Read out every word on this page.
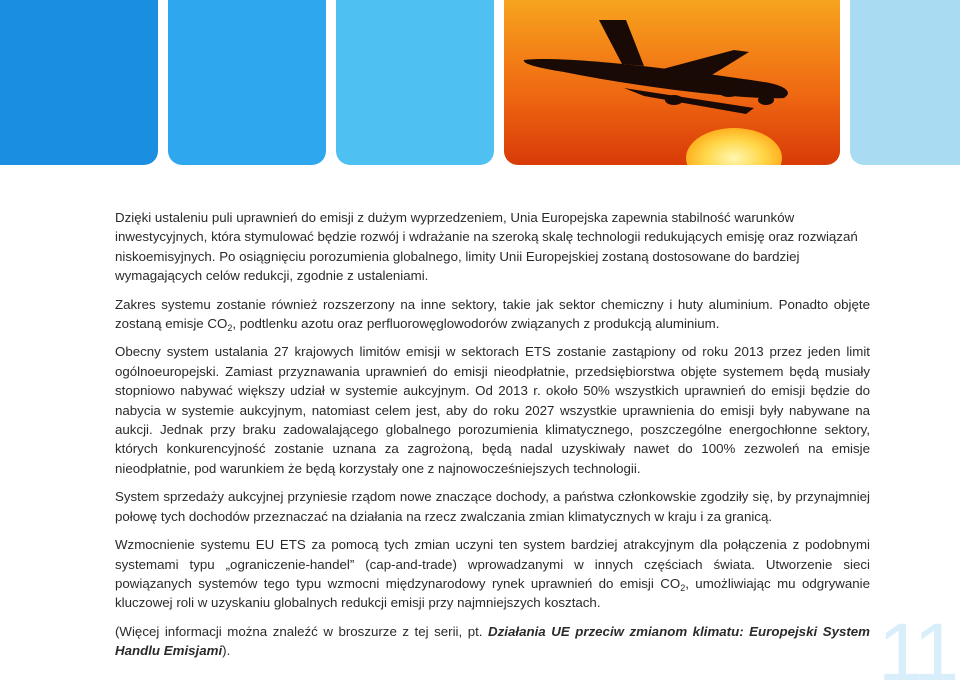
Dzięki ustaleniu puli uprawnień do emisji z dużym wyprzedzeniem, Unia Europejska zapewnia stabilność warunków inwestycyjnych, która stymulować będzie rozwój i wdrażanie na szeroką skalę technologii redukujących emisję oraz rozwiązań niskoemisyjnych. Po osiągnięciu porozumienia globalnego, limity Unii Europejskiej zostaną dostosowane do bardziej wymagających celów redukcji, zgodnie z ustaleniami.

Zakres systemu zostanie również rozszerzony na inne sektory, takie jak sektor chemiczny i huty aluminium. Ponadto objęte zostaną emisje $CO_2$, podtlenku azotu oraz perfluorowęglowodorów związanych z produkcją aluminium.

Obecny system ustalania 27 krajowych limitów emisji w sektorach ETS zostanie zastąpiony od roku 2013 przez jeden limit ogólnoeuropejski. Zamiast przyznawania uprawnień do emisji nieodpłatnie, przedsiębiorstwa objęte systemem będą musiały stopniowo nabywać większy udział w systemie aukcyjnym. Od 2013 r. około 50% wszystkich uprawnień do emisji będzie do nabycia w systemie aukcyjnym, natomiast celem jest, aby do roku 2027 wszystkie uprawnienia do emisji były nabywane na aukcji. Jednak przy braku zadowalającego globalnego porozumienia klimatycznego, poszczególne energochłonne sektory, których konkurencyjność zostanie uznana za zagrożoną, będą nadal uzyskiwały nawet do 100% zezwoleń na emisje nieodpłatnie, pod warunkiem że będą korzystały one z najnowocześniejszych technologii.

System sprzedaży aukcyjnej przyniesie rządom nowe znaczące dochody, a państwa członkowskie zgodziły się, by przynajmniej połowę tych dochodów przeznaczać na działania na rzecz zwalczania zmian klimatycznych w kraju i za granicą.

Wzmocnienie systemu EU ETS za pomocą tych zmian uczyni ten system bardziej atrakcyjnym dla połączenia z podobnymi systemami typu „ograniczenie-handel” (cap-and-trade) wprowadzanymi w innych częściach świata. Utworzenie sieci powiązanych systemów tego typu wzmocni międzynarodowy rynek uprawnień do emisji $CO_2$, umożliwiając mu odgrywanie kluczowej roli w uzyskaniu globalnych redukcji emisji przy najmniejszych kosztach.

(Więcej informacji można znaleźć w broszurze z tej serii, pt. Działania UE przeciw zmianom klimatu: Europejski System Handlu Emisjami).	11
